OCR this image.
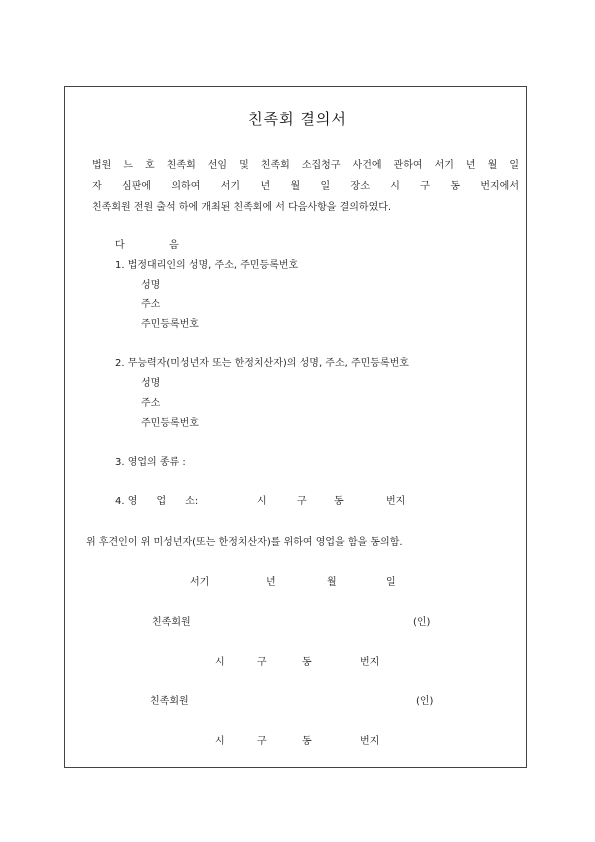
친족회 결의서
법원 느 호 친족회 선임 및 친족회 소집청구 사건에 관하여 서기 년 월 일
자 심판에 의하여 서기 년 월 일 장소 시 구 동 번지에서
친족회원 전원 출석 하에 개최된 친족회에 서 다음사항을 결의하였다.
다              음
1. 법정대리인의 성명, 주소, 주민등록번호
성명
주소
주민등록번호
2. 무능력자(미성년자 또는 한정치산자)의 성명, 주소, 주민등록번호
성명
주소
주민등록번호
3. 영업의 종류 :
4. 영      업      소:	시	구	동	번지
위 후견인이 위 미성년자(또는 한정치산자)를 위하여 영업을 함을 동의함.
서기	년	월	일
친족회원	(인)
시	구	동	번지
친족회원	(인)
시	구	동	번지
